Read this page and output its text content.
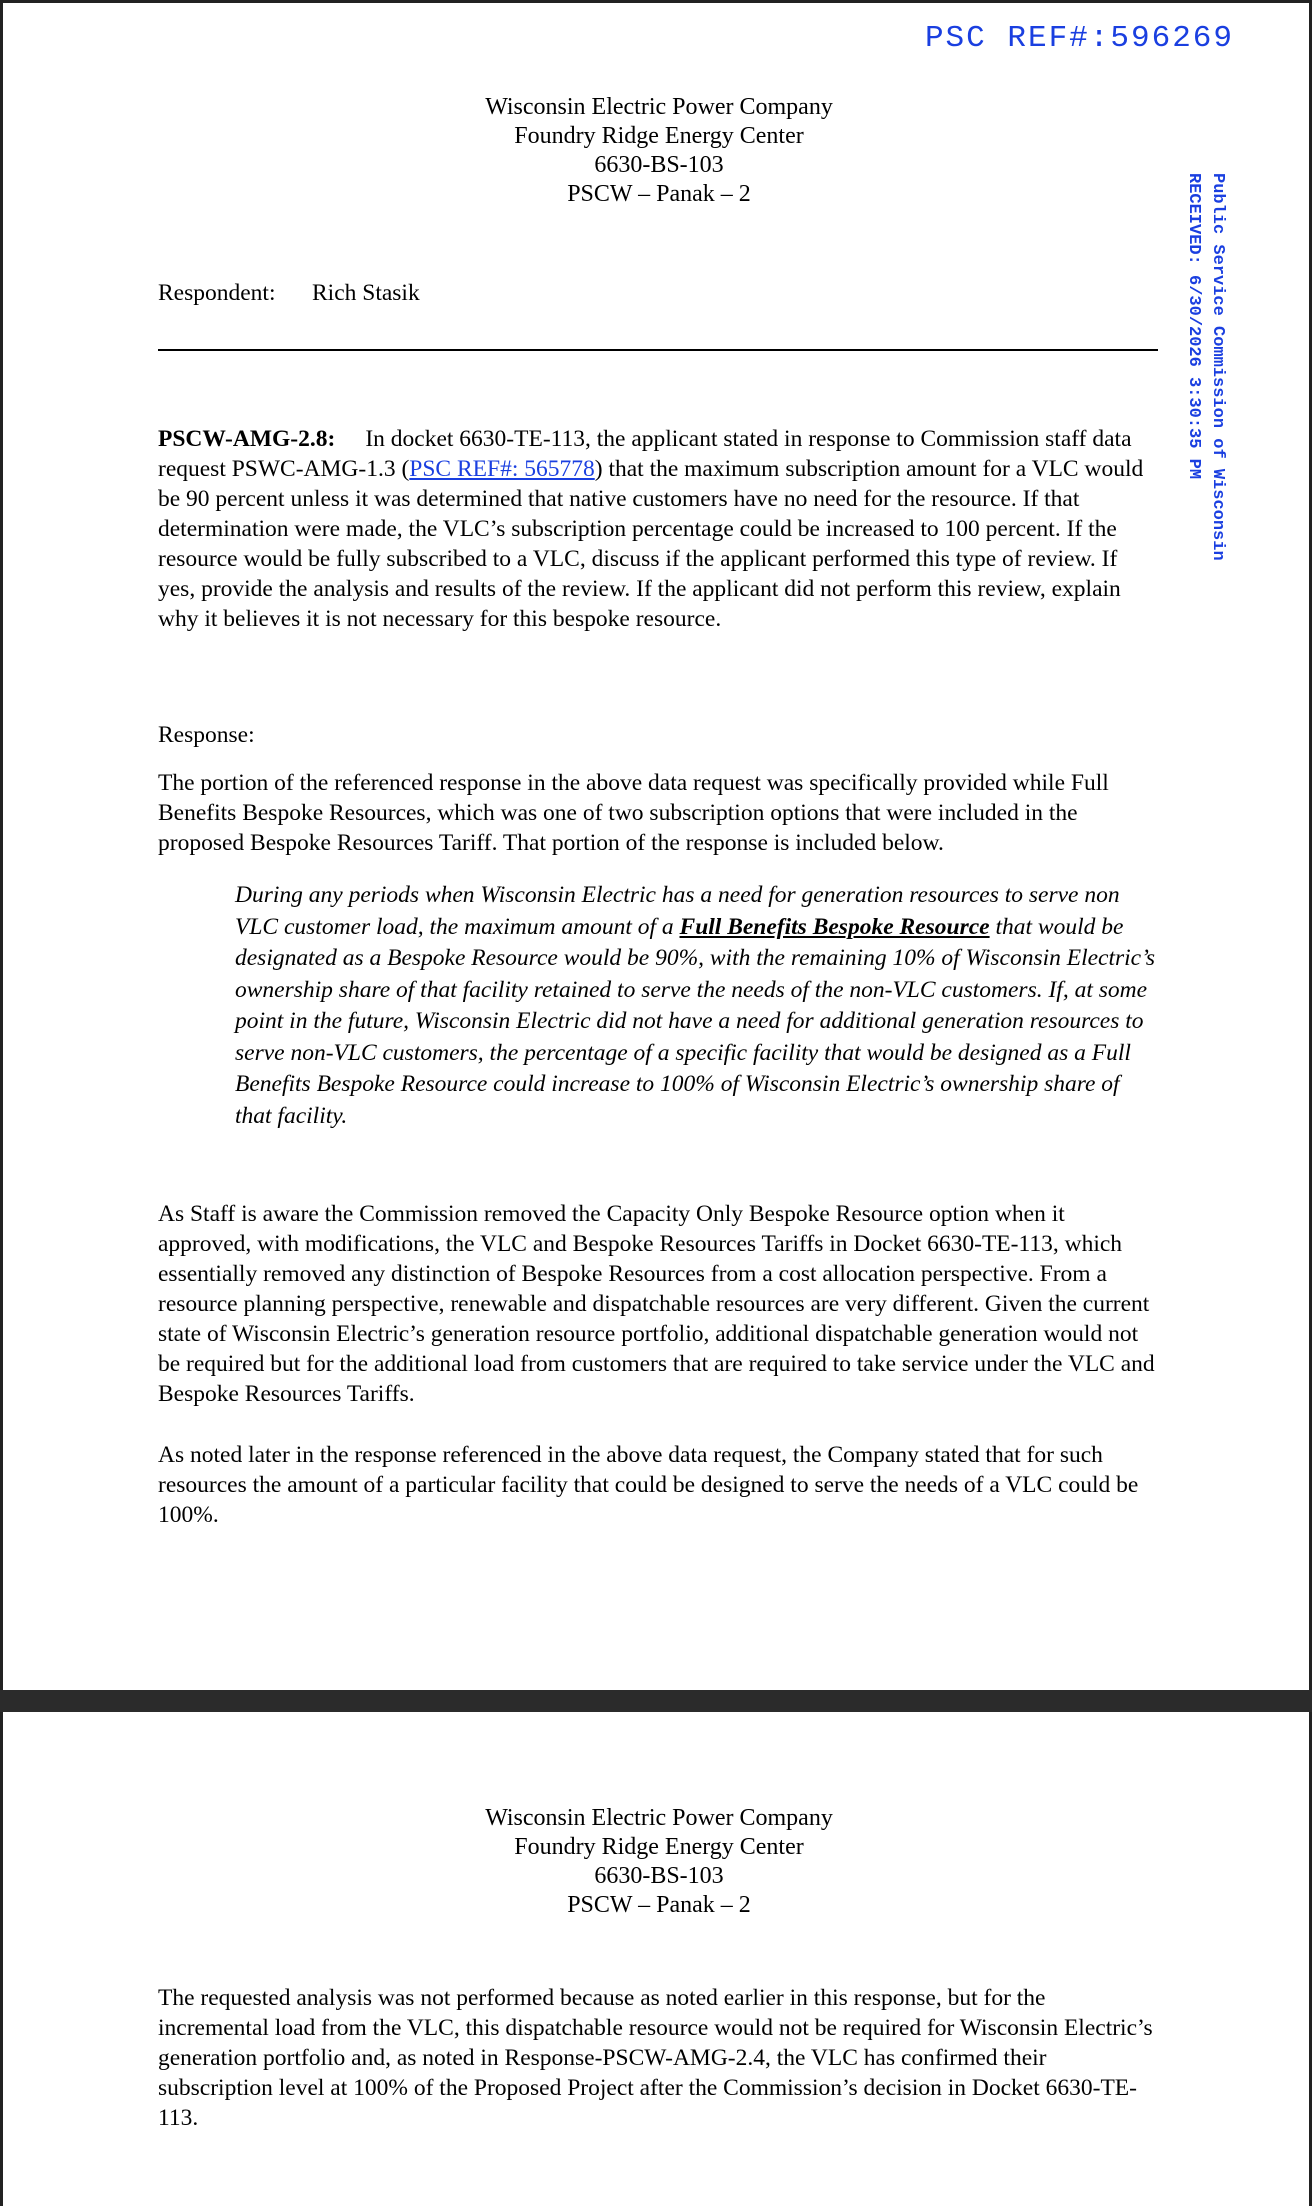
PSC REF#:596269
Public Service Commission of Wisconsin
RECEIVED: 6/30/2026 3:30:35 PM
Wisconsin Electric Power Company
Foundry Ridge Energy Center
6630-BS-103
PSCW – Panak – 2
Respondent: Rich Stasik
PSCW-AMG-2.8: In docket 6630-TE-113, the applicant stated in response to Commission staff data request PSWC-AMG-1.3 (PSC REF#: 565778) that the maximum subscription amount for a VLC would be 90 percent unless it was determined that native customers have no need for the resource. If that determination were made, the VLC’s subscription percentage could be increased to 100 percent. If the resource would be fully subscribed to a VLC, discuss if the applicant performed this type of review. If yes, provide the analysis and results of the review. If the applicant did not perform this review, explain why it believes it is not necessary for this bespoke resource.
Response:
The portion of the referenced response in the above data request was specifically provided while Full Benefits Bespoke Resources, which was one of two subscription options that were included in the proposed Bespoke Resources Tariff. That portion of the response is included below.
During any periods when Wisconsin Electric has a need for generation resources to serve non VLC customer load, the maximum amount of a Full Benefits Bespoke Resource that would be designated as a Bespoke Resource would be 90%, with the remaining 10% of Wisconsin Electric’s ownership share of that facility retained to serve the needs of the non-VLC customers. If, at some point in the future, Wisconsin Electric did not have a need for additional generation resources to serve non-VLC customers, the percentage of a specific facility that would be designed as a Full Benefits Bespoke Resource could increase to 100% of Wisconsin Electric’s ownership share of that facility.
As Staff is aware the Commission removed the Capacity Only Bespoke Resource option when it approved, with modifications, the VLC and Bespoke Resources Tariffs in Docket 6630-TE-113, which essentially removed any distinction of Bespoke Resources from a cost allocation perspective. From a resource planning perspective, renewable and dispatchable resources are very different. Given the current state of Wisconsin Electric’s generation resource portfolio, additional dispatchable generation would not be required but for the additional load from customers that are required to take service under the VLC and Bespoke Resources Tariffs.
As noted later in the response referenced in the above data request, the Company stated that for such resources the amount of a particular facility that could be designed to serve the needs of a VLC could be 100%.
Wisconsin Electric Power Company
Foundry Ridge Energy Center
6630-BS-103
PSCW – Panak – 2
The requested analysis was not performed because as noted earlier in this response, but for the incremental load from the VLC, this dispatchable resource would not be required for Wisconsin Electric’s generation portfolio and, as noted in Response-PSCW-AMG-2.4, the VLC has confirmed their subscription level at 100% of the Proposed Project after the Commission’s decision in Docket 6630-TE-113.
